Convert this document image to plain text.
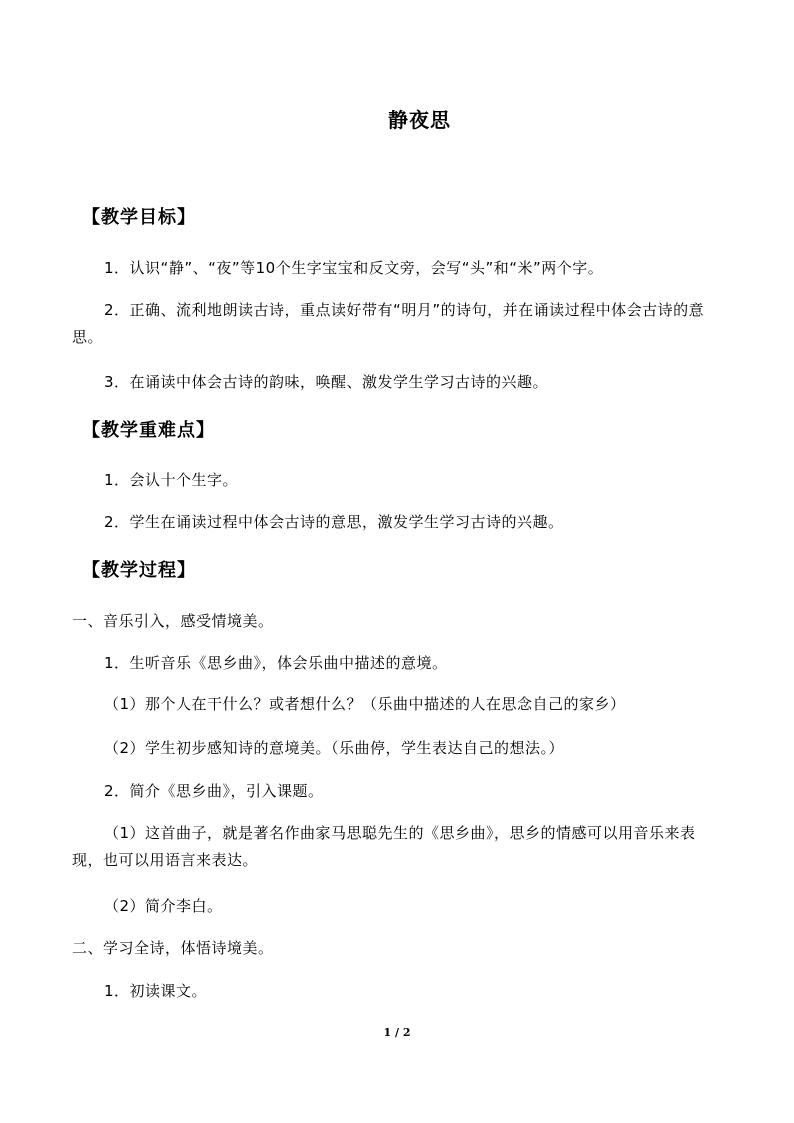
静夜思
【教学目标】
1．认识“静”、“夜”等10个生字宝宝和反文旁，会写“头”和“米”两个字。
2．正确、流利地朗读古诗，重点读好带有“明月”的诗句，并在诵读过程中体会古诗的意思。
3．在诵读中体会古诗的韵味，唤醒、激发学生学习古诗的兴趣。
【教学重难点】
1．会认十个生字。
2．学生在诵读过程中体会古诗的意思，激发学生学习古诗的兴趣。
【教学过程】
一、音乐引入，感受情境美。
1．生听音乐《思乡曲》，体会乐曲中描述的意境。
（1）那个人在干什么？或者想什么？（乐曲中描述的人在思念自己的家乡）
（2）学生初步感知诗的意境美。（乐曲停，学生表达自己的想法。）
2．简介《思乡曲》，引入课题。
（1）这首曲子，就是著名作曲家马思聪先生的《思乡曲》，思乡的情感可以用音乐来表现，也可以用语言来表达。
（2）简介李白。
二、学习全诗，体悟诗境美。
1．初读课文。
1 / 2
